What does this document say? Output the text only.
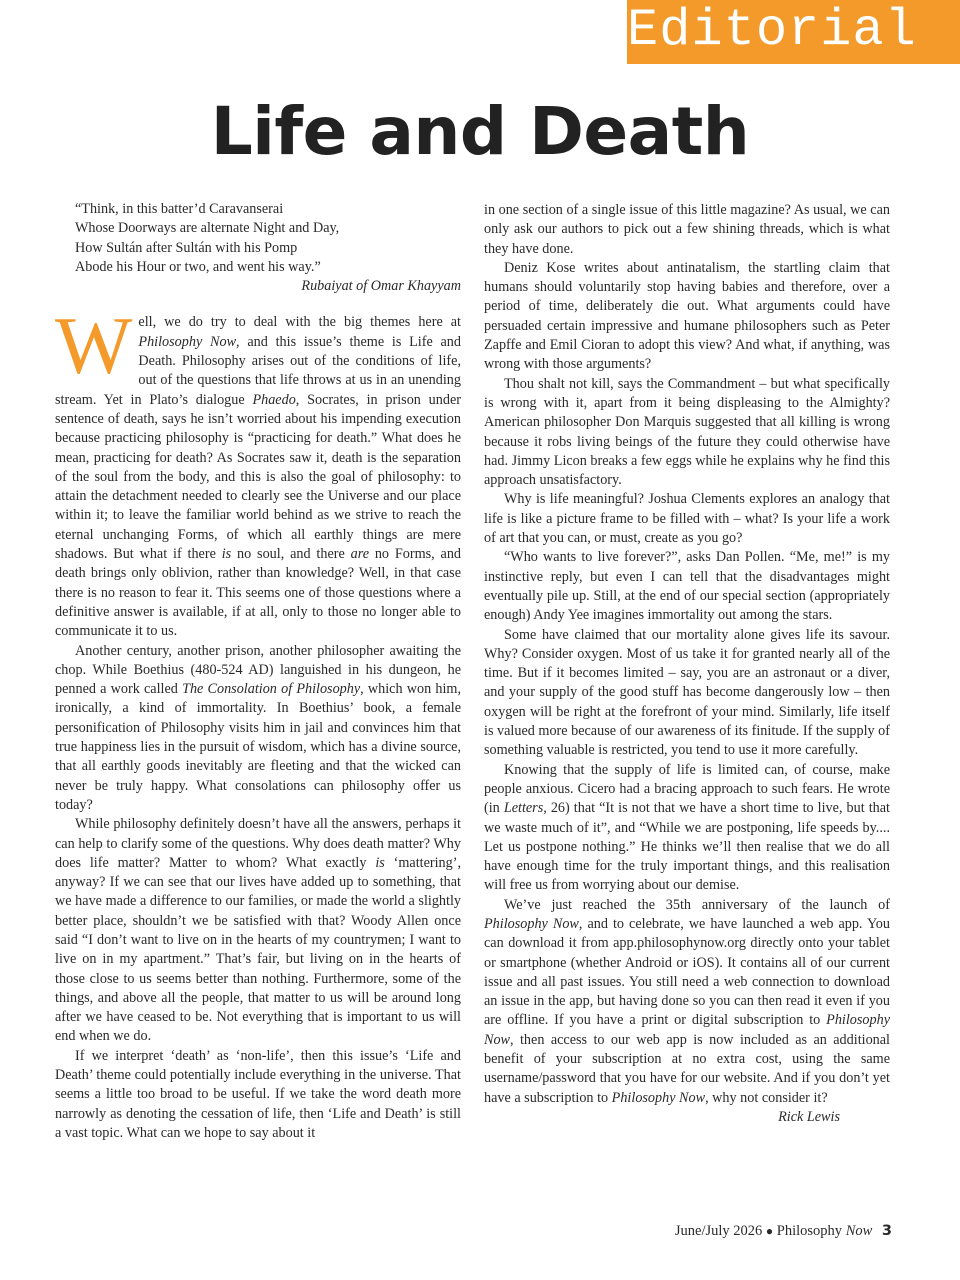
Editorial
Life and Death
“Think, in this batter’d Caravanserai
Whose Doorways are alternate Night and Day,
How Sultán after Sultán with his Pomp
Abode his Hour or two, and went his way.”
Rubaiyat of Omar Khayyam

Well, we do try to deal with the big themes here at Philosophy Now, and this issue’s theme is Life and Death. Philosophy arises out of the conditions of life, out of the questions that life throws at us in an unending stream. Yet in Plato’s dialogue Phaedo, Socrates, in prison under sentence of death, says he isn’t worried about his impending execution because practicing philosophy is “practicing for death.” What does he mean, practicing for death? As Socrates saw it, death is the separation of the soul from the body, and this is also the goal of philosophy: to attain the detachment needed to clearly see the Universe and our place within it; to leave the familiar world behind as we strive to reach the eternal unchanging Forms, of which all earthly things are mere shadows. But what if there is no soul, and there are no Forms, and death brings only oblivion, rather than knowledge? Well, in that case there is no reason to fear it. This seems one of those questions where a definitive answer is available, if at all, only to those no longer able to communicate it to us.

Another century, another prison, another philosopher awaiting the chop. While Boethius (480-524 AD) languished in his dungeon, he penned a work called The Consolation of Philosophy, which won him, ironically, a kind of immortality. In Boethius’ book, a female personification of Philosophy visits him in jail and convinces him that true happiness lies in the pursuit of wisdom, which has a divine source, that all earthly goods inevitably are fleeting and that the wicked can never be truly happy. What consolations can philosophy offer us today?

While philosophy definitely doesn’t have all the answers, perhaps it can help to clarify some of the questions. Why does death matter? Why does life matter? Matter to whom? What exactly is ‘mattering’, anyway? If we can see that our lives have added up to something, that we have made a difference to our families, or made the world a slightly better place, shouldn’t we be satisfied with that? Woody Allen once said “I don’t want to live on in the hearts of my countrymen; I want to live on in my apartment.” That’s fair, but living on in the hearts of those close to us seems better than nothing. Furthermore, some of the things, and above all the people, that matter to us will be around long after we have ceased to be. Not everything that is important to us will end when we do.

If we interpret ‘death’ as ‘non-life’, then this issue’s ‘Life and Death’ theme could potentially include everything in the universe. That seems a little too broad to be useful. If we take the word death more narrowly as denoting the cessation of life, then ‘Life and Death’ is still a vast topic. What can we hope to say about it

in one section of a single issue of this little magazine? As usual, we can only ask our authors to pick out a few shining threads, which is what they have done.

Deniz Kose writes about antinatalism, the startling claim that humans should voluntarily stop having babies and therefore, over a period of time, deliberately die out. What arguments could have persuaded certain impressive and humane philosophers such as Peter Zapffe and Emil Cioran to adopt this view? And what, if anything, was wrong with those arguments?

Thou shalt not kill, says the Commandment – but what specifically is wrong with it, apart from it being displeasing to the Almighty? American philosopher Don Marquis suggested that all killing is wrong because it robs living beings of the future they could otherwise have had. Jimmy Licon breaks a few eggs while he explains why he find this approach unsatisfactory.

Why is life meaningful? Joshua Clements explores an analogy that life is like a picture frame to be filled with – what? Is your life a work of art that you can, or must, create as you go?

“Who wants to live forever?”, asks Dan Pollen. “Me, me!” is my instinctive reply, but even I can tell that the disadvantages might eventually pile up. Still, at the end of our special section (appropriately enough) Andy Yee imagines immortality out among the stars.

Some have claimed that our mortality alone gives life its savour. Why? Consider oxygen. Most of us take it for granted nearly all of the time. But if it becomes limited – say, you are an astronaut or a diver, and your supply of the good stuff has become dangerously low – then oxygen will be right at the forefront of your mind. Similarly, life itself is valued more because of our awareness of its finitude. If the supply of something valuable is restricted, you tend to use it more carefully.

Knowing that the supply of life is limited can, of course, make people anxious. Cicero had a bracing approach to such fears. He wrote (in Letters, 26) that “It is not that we have a short time to live, but that we waste much of it”, and “While we are postponing, life speeds by.... Let us postpone nothing.” He thinks we’ll then realise that we do all have enough time for the truly important things, and this realisation will free us from worrying about our demise.

We’ve just reached the 35th anniversary of the launch of Philosophy Now, and to celebrate, we have launched a web app. You can download it from app.philosophynow.org directly onto your tablet or smartphone (whether Android or iOS). It contains all of our current issue and all past issues. You still need a web connection to download an issue in the app, but having done so you can then read it even if you are offline. If you have a print or digital subscription to Philosophy Now, then access to our web app is now included as an additional benefit of your subscription at no extra cost, using the same username/password that you have for our website. And if you don’t yet have a subscription to Philosophy Now, why not consider it?
Rick Lewis

June/July 2026 ● Philosophy Now 3
